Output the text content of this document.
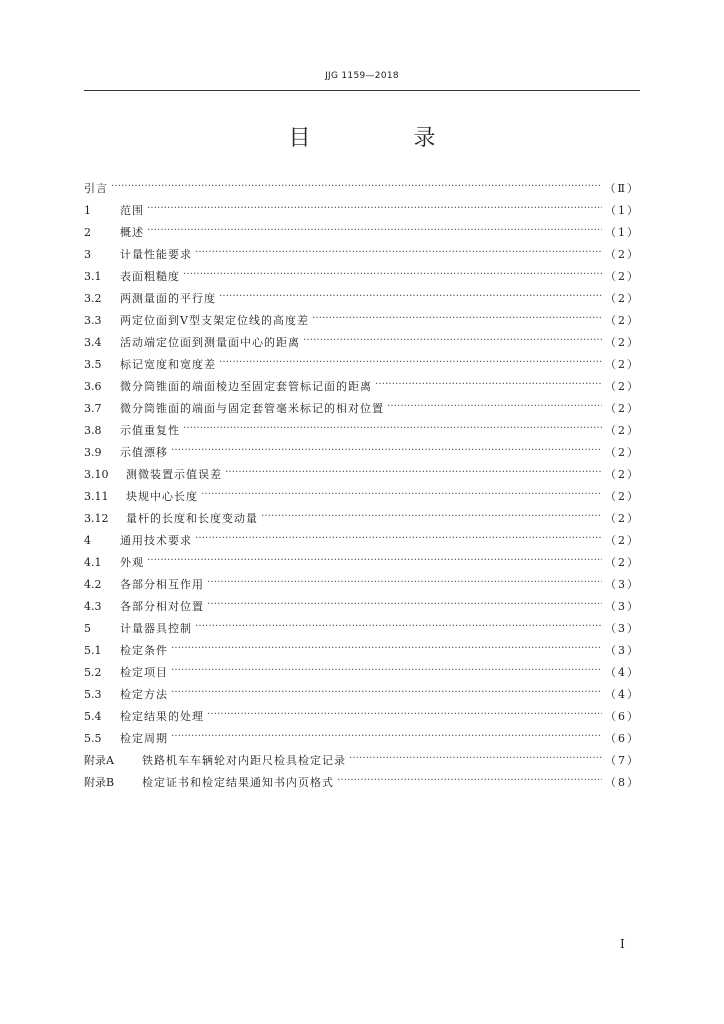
JJG 1159—2018
目 录
引言 ……………………………………………………………………………………………………………………………………………………………………………………………………………………………………………………	（Ⅱ）
1	范围 ……………………………………………………………………………………………………………………………………………………………………………………………………………………………………………………	（1）
2	概述 ……………………………………………………………………………………………………………………………………………………………………………………………………………………………………………………	（1）
3	计量性能要求 ……………………………………………………………………………………………………………………………………………………………………………………………………………………………………………………	（2）
3.1	表面粗糙度 ……………………………………………………………………………………………………………………………………………………………………………………………………………………………………………………	（2）
3.2	两测量面的平行度 ……………………………………………………………………………………………………………………………………………………………………………………………………………………………………………………	（2）
3.3	两定位面到V型支架定位线的高度差 ……………………………………………………………………………………………………………………………………………………………………………………………………………………………………………………	（2）
3.4	活动端定位面到测量面中心的距离 ……………………………………………………………………………………………………………………………………………………………………………………………………………………………………………………	（2）
3.5	标记宽度和宽度差 ……………………………………………………………………………………………………………………………………………………………………………………………………………………………………………………	（2）
3.6	微分筒锥面的端面棱边至固定套管标记面的距离 ……………………………………………………………………………………………………………………………………………………………………………………………………………………………………………………	（2）
3.7	微分筒锥面的端面与固定套管毫米标记的相对位置 ……………………………………………………………………………………………………………………………………………………………………………………………………………………………………………………	（2）
3.8	示值重复性 ……………………………………………………………………………………………………………………………………………………………………………………………………………………………………………………	（2）
3.9	示值漂移 ……………………………………………………………………………………………………………………………………………………………………………………………………………………………………………………	（2）
3.10	测微装置示值误差 ……………………………………………………………………………………………………………………………………………………………………………………………………………………………………………………	（2）
3.11	块规中心长度 ……………………………………………………………………………………………………………………………………………………………………………………………………………………………………………………	（2）
3.12	量杆的长度和长度变动量 ……………………………………………………………………………………………………………………………………………………………………………………………………………………………………………………	（2）
4	通用技术要求 ……………………………………………………………………………………………………………………………………………………………………………………………………………………………………………………	（2）
4.1	外观 ……………………………………………………………………………………………………………………………………………………………………………………………………………………………………………………	（2）
4.2	各部分相互作用 ……………………………………………………………………………………………………………………………………………………………………………………………………………………………………………………	（3）
4.3	各部分相对位置 ……………………………………………………………………………………………………………………………………………………………………………………………………………………………………………………	（3）
5	计量器具控制 ……………………………………………………………………………………………………………………………………………………………………………………………………………………………………………………	（3）
5.1	检定条件 ……………………………………………………………………………………………………………………………………………………………………………………………………………………………………………………	（3）
5.2	检定项目 ……………………………………………………………………………………………………………………………………………………………………………………………………………………………………………………	（4）
5.3	检定方法 ……………………………………………………………………………………………………………………………………………………………………………………………………………………………………………………	（4）
5.4	检定结果的处理 ……………………………………………………………………………………………………………………………………………………………………………………………………………………………………………………	（6）
5.5	检定周期 ……………………………………………………………………………………………………………………………………………………………………………………………………………………………………………………	（6）
附录A	铁路机车车辆轮对内距尺检具检定记录 ……………………………………………………………………………………………………………………………………………………………………………………………………………………………………………………	（7）
附录B	检定证书和检定结果通知书内页格式 ……………………………………………………………………………………………………………………………………………………………………………………………………………………………………………………	（8）
Ⅰ
